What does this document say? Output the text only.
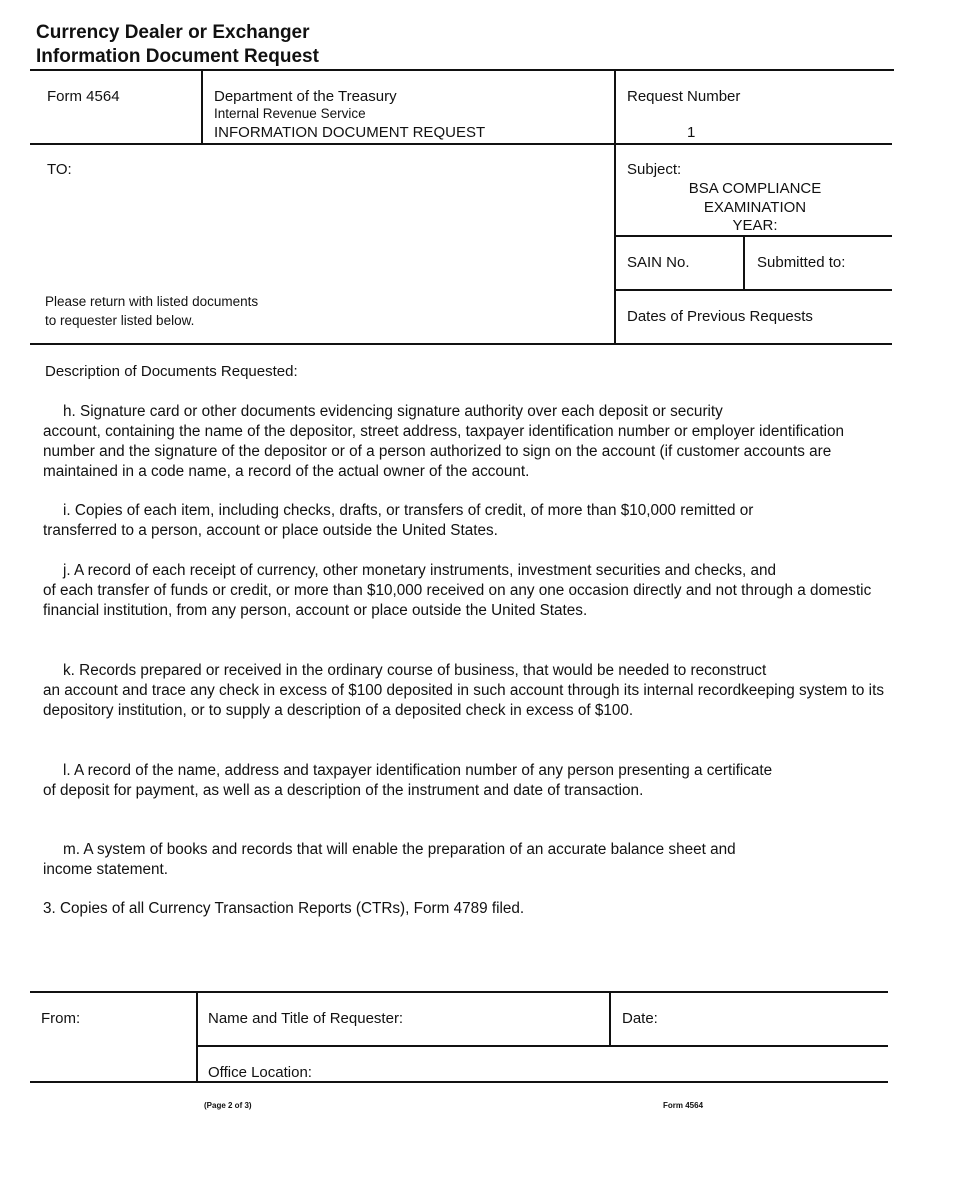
Currency Dealer or Exchanger
Information Document Request
Form 4564	Department of the Treasury
Internal Revenue Service
INFORMATION DOCUMENT REQUEST
Request Number
1
TO:	Subject:
BSA COMPLIANCE
EXAMINATION
YEAR:
SAIN No.	Submitted to:
Please return with listed documents
to requester listed below.	Dates of Previous Requests
Description of Documents Requested:
h. Signature card or other documents evidencing signature authority over each deposit or security
account, containing the name of the depositor, street address, taxpayer identification number or employer identification number and the signature of the depositor or of a person authorized to sign on the account (if customer accounts are maintained in a code name, a record of the actual owner of the account.
i. Copies of each item, including checks, drafts, or transfers of credit, of more than $10,000 remitted or
transferred to a person, account or place outside the United States.
j. A record of each receipt of currency, other monetary instruments, investment securities and checks, and
of each transfer of funds or credit, or more than $10,000 received on any one occasion directly and not through a domestic financial institution, from any person, account or place outside the United States.
k. Records prepared or received in the ordinary course of business, that would be needed to reconstruct
an account and trace any check in excess of $100 deposited in such account through its internal recordkeeping system to its depository institution, or to supply a description of a deposited check in excess of $100.
l. A record of the name, address and taxpayer identification number of any person presenting a certificate
of deposit for payment, as well as a description of the instrument and date of transaction.
m. A system of books and records that will enable the preparation of an accurate balance sheet and
income statement.
3. Copies of all Currency Transaction Reports (CTRs), Form 4789 filed.
From:	Name and Title of Requester:	Date:
Office Location:
(Page 2 of 3)	Form 4564
